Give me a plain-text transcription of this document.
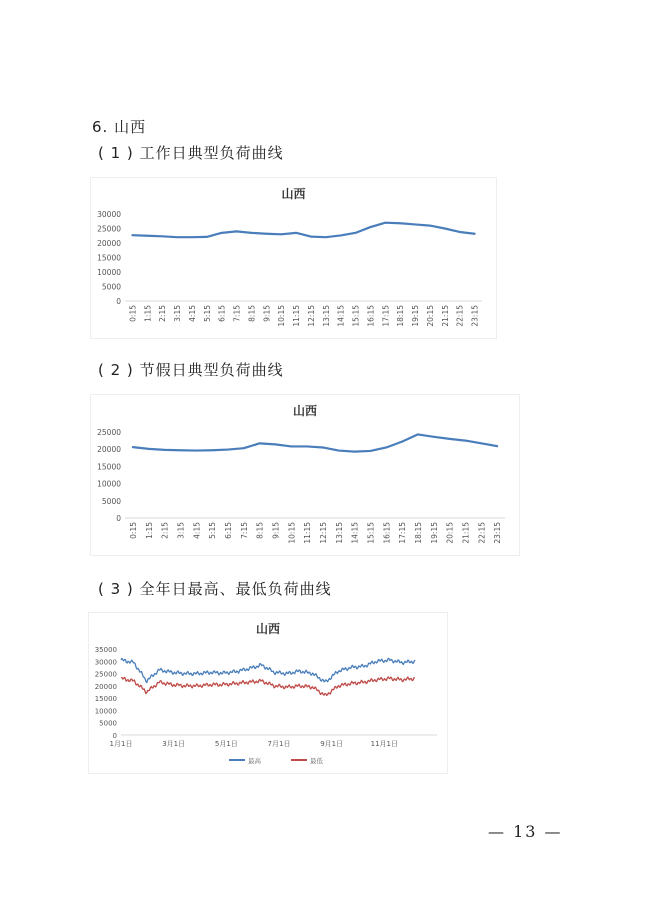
6. 山西
( 1 ) 工作日典型负荷曲线
山西
0
5000
10000
15000
20000
25000
30000
0:15 1:15 2:15 3:15 4:15 5:15 6:15 7:15 8:15 9:15 10:15 11:15 12:15 13:15 14:15 15:15 16:15 17:15 18:15 19:15 20:15 21:15 22:15 23:15
( 2 ) 节假日典型负荷曲线
山西
0
5000
10000
15000
20000
25000
0:15 1:15 2:15 3:15 4:15 5:15 6:15 7:15 8:15 9:15 10:15 11:15 12:15 13:15 14:15 15:15 16:15 17:15 18:15 19:15 20:15 21:15 22:15 23:15
( 3 ) 全年日最高、最低负荷曲线
山西
0
5000
10000
15000
20000
25000
30000
35000
1月1日	3月1日	5月1日	7月1日	9月1日	11月1日
最高	最低
— 13 —
